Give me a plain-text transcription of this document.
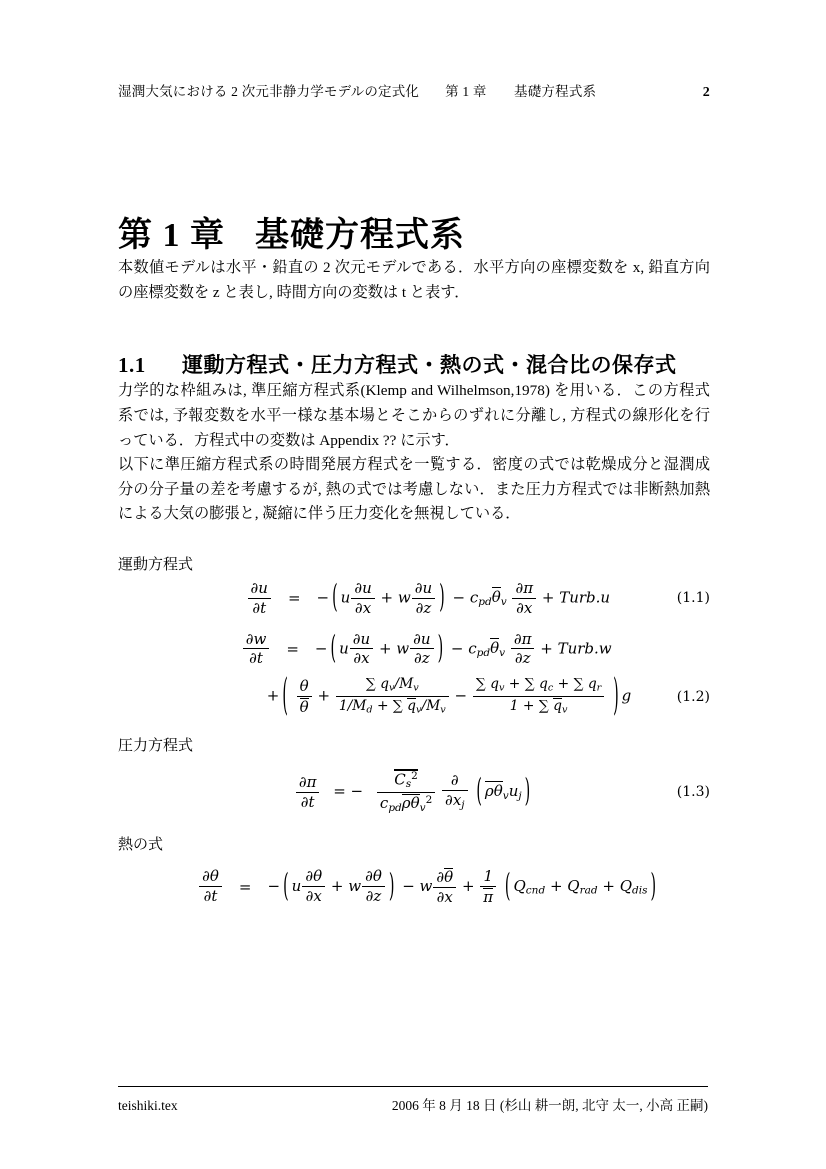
湿潤大気における 2 次元非静力学モデルの定式化 第 1 章　　基礎方程式系	2
第 1 章 基礎方程式系

本数値モデルは水平・鉛直の 2 次元モデルである．水平方向の座標変数を x, 鉛直方向の座標変数を z と表し, 時間方向の変数は t と表す．

1.1 運動方程式・圧力方程式・熱の式・混合比の保存式

力学的な枠組みは, 準圧縮方程式系(Klemp and Wilhelmson,1978) を用いる．この方程式系では, 予報変数を水平一様な基本場とそこからのずれに分離し, 方程式の線形化を行っている．方程式中の変数は Appendix ?? に示す．

以下に準圧縮方程式系の時間発展方程式を一覧する．密度の式では乾燥成分と湿潤成分の分子量の差を考慮するが, 熱の式では考慮しない．また圧力方程式では非断熱加熱による大気の膨張と, 凝縮に伴う圧力変化を無視している．

運動方程式
$\frac{\partial u}{\partial t}$	=	− ( u $\frac{\partial u}{\partial x} + w \frac{\partial u}{\partial z}$ ) − $c_{pd}\theta_v \frac{\partial\pi}{\partial x}$ + Turb.u	(1.1)
$\frac{\partial w}{\partial t}$	=	− ( u $\frac{\partial u}{\partial x} + w \frac{\partial u}{\partial z}$ ) − $c_{pd}\theta_v \frac{\partial\pi}{\partial z}$ + Turb.w
+ ( $\frac{\theta}{\theta} + \frac{\sum q_v/M_v}{1/M_d + \sum q_v/M_v} - \frac{\sum q_v + \sum q_c + \sum q_r}{1 + \sum q_v}$ ) g	(1.2)
圧力方程式
$\frac{\partial\pi}{\partial t}$ = − $\frac{C_s^2}{c_{pd}\rho\theta_v^2}$
$\frac{\partial}{\partial x_j}$ ( $\rho\theta_vu_j$ )	(1.3)
熱の式
$\frac{\partial\theta}{\partial t}$	=	− ( u $\frac{\partial\theta}{\partial x} + w \frac{\partial\theta}{\partial z}$ ) − w $\frac{\partial\theta}{\partial x} + \frac{1}{\pi}$ ( $Q_{cnd} + Q_{rad} + Q_{dis}$ )
teishiki.tex	2006 年 8 月 18 日 (杉山 耕一朗, 北守 太一, 小高 正嗣)
